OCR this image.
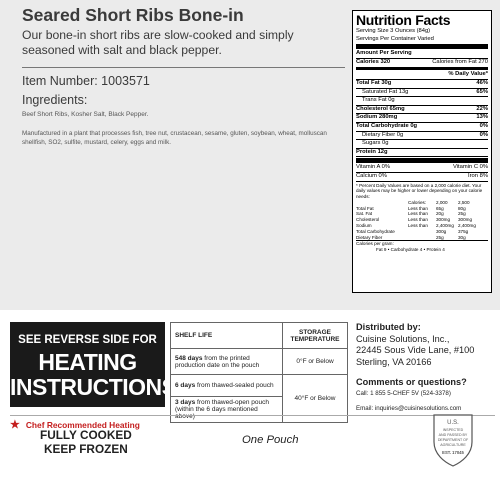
Seared Short Ribs Bone-in
Our bone-in short ribs are slow-cooked and simply seasoned with salt and black pepper.
Item Number: 1003571
Ingredients:
Beef Short Ribs, Kosher Salt, Black Pepper.
Manufactured in a plant that processes fish, tree nut, crustacean, sesame, gluten, soybean, wheat, molluscan shellfish, SO2, sulfite, mustard, celery, eggs and milk.
Nutrition Facts
Serving Size 3 Ounces (84g)
Servings Per Container Varied
Amount Per Serving
Calories 320	Calories from Fat 270
% Daily Value*
Total Fat 30g	46%
Saturated Fat 13g	65%
Trans Fat 0g
Cholesterol 65mg	22%
Sodium 280mg	13%
Total Carbohydrate 0g	0%
Dietary Fiber 0g	0%
Sugars 0g
Protein 12g
Vitamin A 0%	Vitamin C 0%
Calcium 0%	Iron 8%
* Percent Daily Values are based on a 2,000 calorie diet. Your daily values may be higher or lower depending on your calorie needs:
Calories:	2,000	2,500
Total Fat	Less than	65g	80g
Sat. Fat	Less than	20g	25g
Cholesterol	Less than	300mg	300mg
Sodium	Less than	2,400mg 2,400mg
Total Carbohydrate	300g	375g
Dietary Fiber	25g	30g
Calories per gram:
Fat 9 • Carbohydrate 4 • Protein 4
SEE REVERSE SIDE FOR
HEATING
INSTRUCTIONS
★ Chef Recommended Heating
SHELF LIFE	STORAGE TEMPERATURE
548 days from the printed production date on the pouch	0°F or Below
6 days from thawed-sealed pouch	40°F or Below
3 days from thawed-open pouch (within the 6 days mentioned above)	
Distributed by:
Cuisine Solutions, Inc.,
22445 Sous Vide Lane, #100
Sterling, VA 20166
Comments or questions?
Call: 1 855 5-CHEF 5V (524-3378)
Email: inquiries@cuisinesolutions.com
FULLY COOKED
KEEP FROZEN
One Pouch
U.S.
INSPECTED
AND PASSED BY
DEPARTMENT OF
AGRICULTURE
EST. 17045
